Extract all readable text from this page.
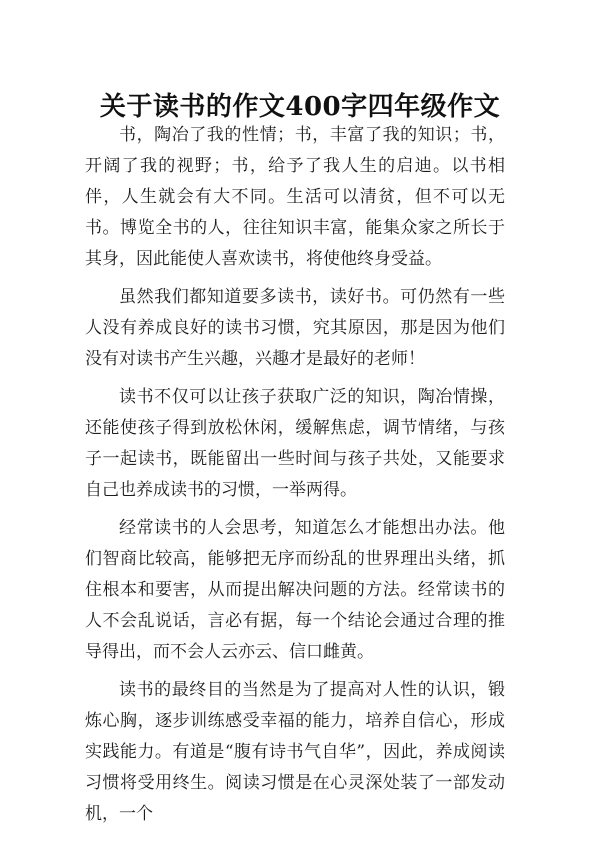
关于读书的作文400字四年级作文

书，陶冶了我的性情；书，丰富了我的知识；书，开阔了我的视野；书，给予了我人生的启迪。以书相伴，人生就会有大不同。生活可以清贫，但不可以无书。博览全书的人，往往知识丰富，能集众家之所长于其身，因此能使人喜欢读书，将使他终身受益。

虽然我们都知道要多读书，读好书。可仍然有一些人没有养成良好的读书习惯，究其原因，那是因为他们没有对读书产生兴趣，兴趣才是最好的老师！

读书不仅可以让孩子获取广泛的知识，陶冶情操，还能使孩子得到放松休闲，缓解焦虑，调节情绪，与孩子一起读书，既能留出一些时间与孩子共处，又能要求自己也养成读书的习惯，一举两得。

经常读书的人会思考，知道怎么才能想出办法。他们智商比较高，能够把无序而纷乱的世界理出头绪，抓住根本和要害，从而提出解决问题的方法。经常读书的人不会乱说话，言必有据，每一个结论会通过合理的推导得出，而不会人云亦云、信口雌黄。

读书的最终目的当然是为了提高对人性的认识，锻炼心胸，逐步训练感受幸福的能力，培养自信心，形成实践能力。有道是“腹有诗书气自华”，因此，养成阅读习惯将受用终生。阅读习惯是在心灵深处装了一部发动机，一个
